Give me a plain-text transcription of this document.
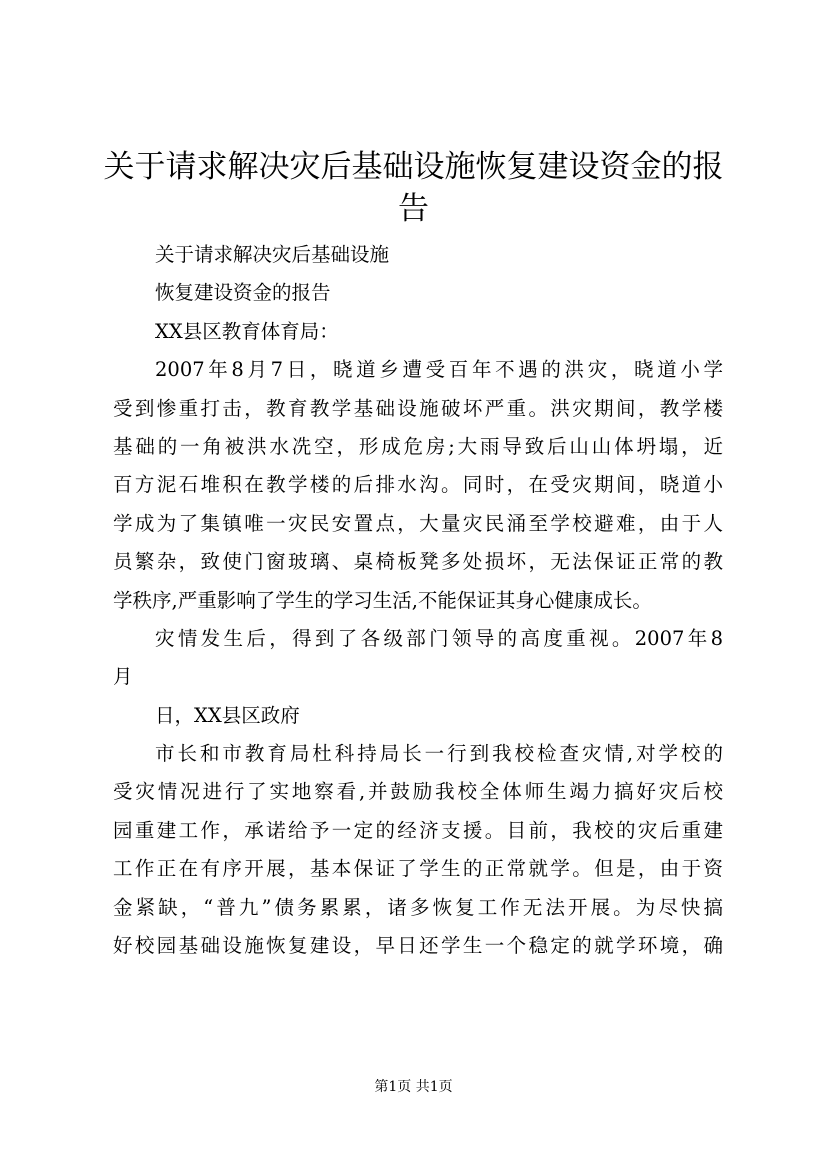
关于请求解决灾后基础设施恢复建设资金的报
告
关于请求解决灾后基础设施
恢复建设资金的报告
XX县区教育体育局：
2007年8月7日，晓道乡遭受百年不遇的洪灾，晓道小学
受到惨重打击，教育教学基础设施破坏严重。洪灾期间，教学楼
基础的一角被洪水冼空，形成危房;大雨导致后山山体坍塌，近
百方泥石堆积在教学楼的后排水沟。同时，在受灾期间，晓道小
学成为了集镇唯一灾民安置点，大量灾民涌至学校避难，由于人
员繁杂，致使门窗玻璃、桌椅板凳多处损坏，无法保证正常的教
学秩序,严重影响了学生的学习生活,不能保证其身心健康成长。
灾情发生后，得到了各级部门领导的高度重视。2007年8
月
日，XX县区政府
市长和市教育局杜科持局长一行到我校检查灾情,对学校的
受灾情况进行了实地察看,并鼓励我校全体师生竭力搞好灾后校
园重建工作，承诺给予一定的经济支援。目前，我校的灾后重建
工作正在有序开展，基本保证了学生的正常就学。但是，由于资
金紧缺，“普九”债务累累，诸多恢复工作无法开展。为尽快搞
好校园基础设施恢复建设，早日还学生一个稳定的就学环境，确
第1页 共1页
